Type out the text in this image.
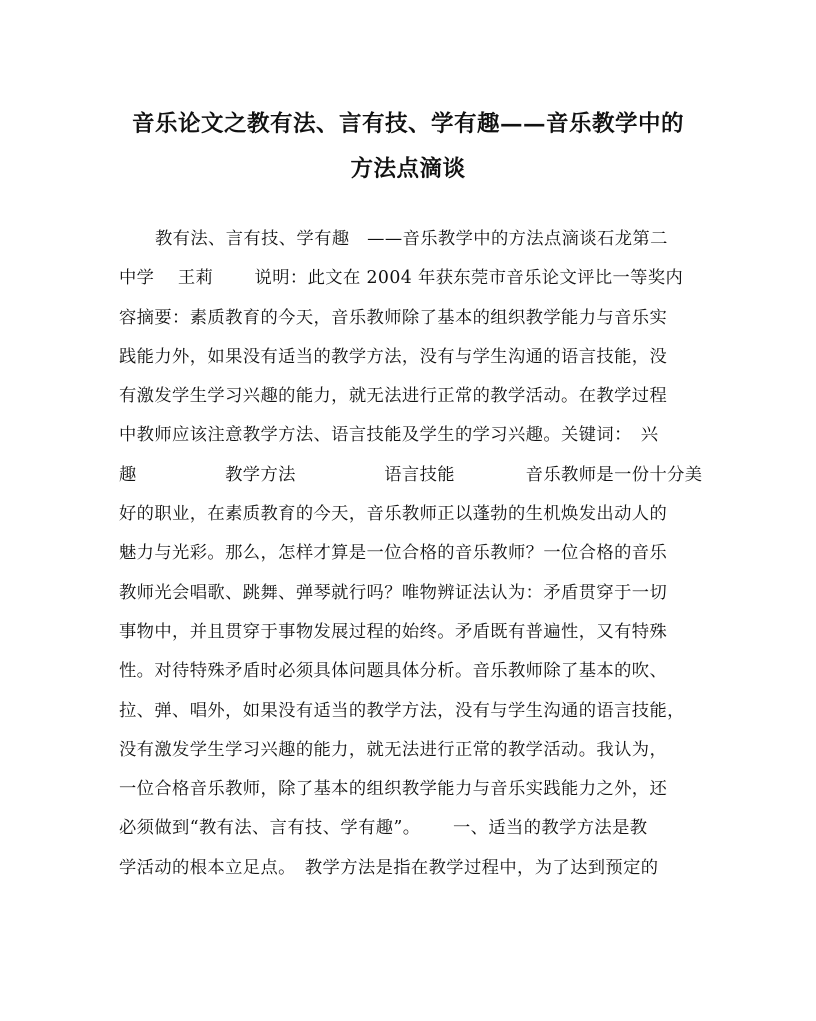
音乐论文之教有法、言有技、学有趣——音乐教学中的
方法点滴谈
教有法、言有技、学有趣　——音乐教学中的方法点滴谈石龙第二
中学　 王莉　　 说明：此文在 2004 年获东莞市音乐论文评比一等奖内
容摘要：素质教育的今天，音乐教师除了基本的组织教学能力与音乐实
践能力外，如果没有适当的教学方法，没有与学生沟通的语言技能，没
有激发学生学习兴趣的能力，就无法进行正常的教学活动。在教学过程
中教师应该注意教学方法、语言技能及学生的学习兴趣。关键词：　兴
趣　　　　　教学方法　　　　　语言技能　　　　音乐教师是一份十分美
好的职业，在素质教育的今天，音乐教师正以蓬勃的生机焕发出动人的
魅力与光彩。那么，怎样才算是一位合格的音乐教师？一位合格的音乐
教师光会唱歌、跳舞、弹琴就行吗？唯物辨证法认为：矛盾贯穿于一切
事物中，并且贯穿于事物发展过程的始终。矛盾既有普遍性，又有特殊
性。对待特殊矛盾时必须具体问题具体分析。音乐教师除了基本的吹、
拉、弹、唱外，如果没有适当的教学方法，没有与学生沟通的语言技能，
没有激发学生学习兴趣的能力，就无法进行正常的教学活动。我认为，
一位合格音乐教师，除了基本的组织教学能力与音乐实践能力之外，还
必须做到“教有法、言有技、学有趣”。　　 一、适当的教学方法是教
学活动的根本立足点。　教学方法是指在教学过程中，为了达到预定的
